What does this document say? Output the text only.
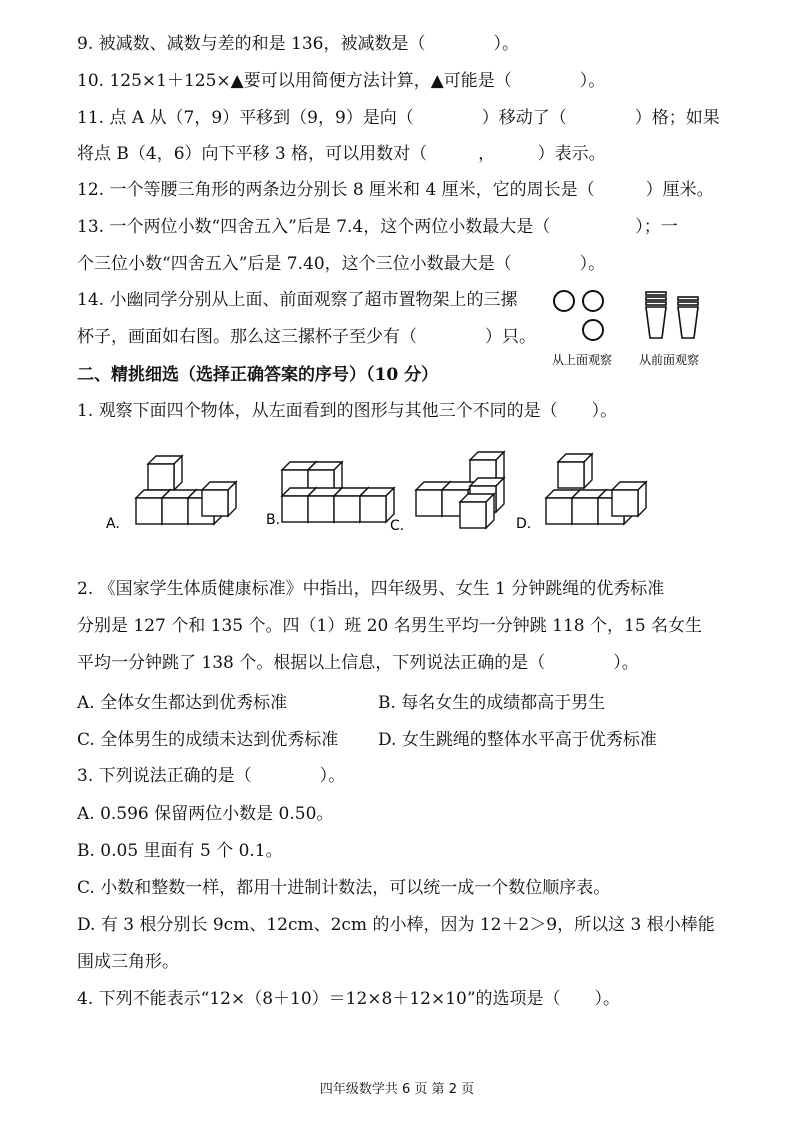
9. 被减数、减数与差的和是 136，被减数是（　　　　）。
10. 125×1＋125×▲要可以用简便方法计算，▲可能是（　　　　）。
11. 点 A 从（7，9）平移到（9，9）是向（　　　　）移动了（　　　　）格；如果
将点 B（4，6）向下平移 3 格，可以用数对（　　　，　　　）表示。
12. 一个等腰三角形的两条边分别长 8 厘米和 4 厘米，它的周长是（　　　）厘米。
13. 一个两位小数“四舍五入”后是 7.4，这个两位小数最大是（　　　　　）；一
个三位小数“四舍五入”后是 7.40，这个三位小数最大是（　　　　）。
14. 小幽同学分别从上面、前面观察了超市置物架上的三摞
杯子，画面如右图。那么这三摞杯子至少有（　　　　）只。
从上面观察 从前面观察
二、精挑细选（选择正确答案的序号）（10 分）
1. 观察下面四个物体，从左面看到的图形与其他三个不同的是（　　）。
A.	B.	C.	D.
2. 《国家学生体质健康标准》中指出，四年级男、女生 1 分钟跳绳的优秀标准
分别是 127 个和 135 个。四（1）班 20 名男生平均一分钟跳 118 个，15 名女生
平均一分钟跳了 138 个。根据以上信息，下列说法正确的是（　　　　）。
A. 全体女生都达到优秀标准	B. 每名女生的成绩都高于男生
C. 全体男生的成绩未达到优秀标准 D. 女生跳绳的整体水平高于优秀标准
3. 下列说法正确的是（　　　　）。
A. 0.596 保留两位小数是 0.50。
B. 0.05 里面有 5 个 0.1。
C. 小数和整数一样，都用十进制计数法，可以统一成一个数位顺序表。
D. 有 3 根分别长 9cm、12cm、2cm 的小棒，因为 12＋2＞9，所以这 3 根小棒能
围成三角形。
4. 下列不能表示“12×（8＋10）＝12×8＋12×10”的选项是（　　）。
四年级数学共 6 页 第 2 页
